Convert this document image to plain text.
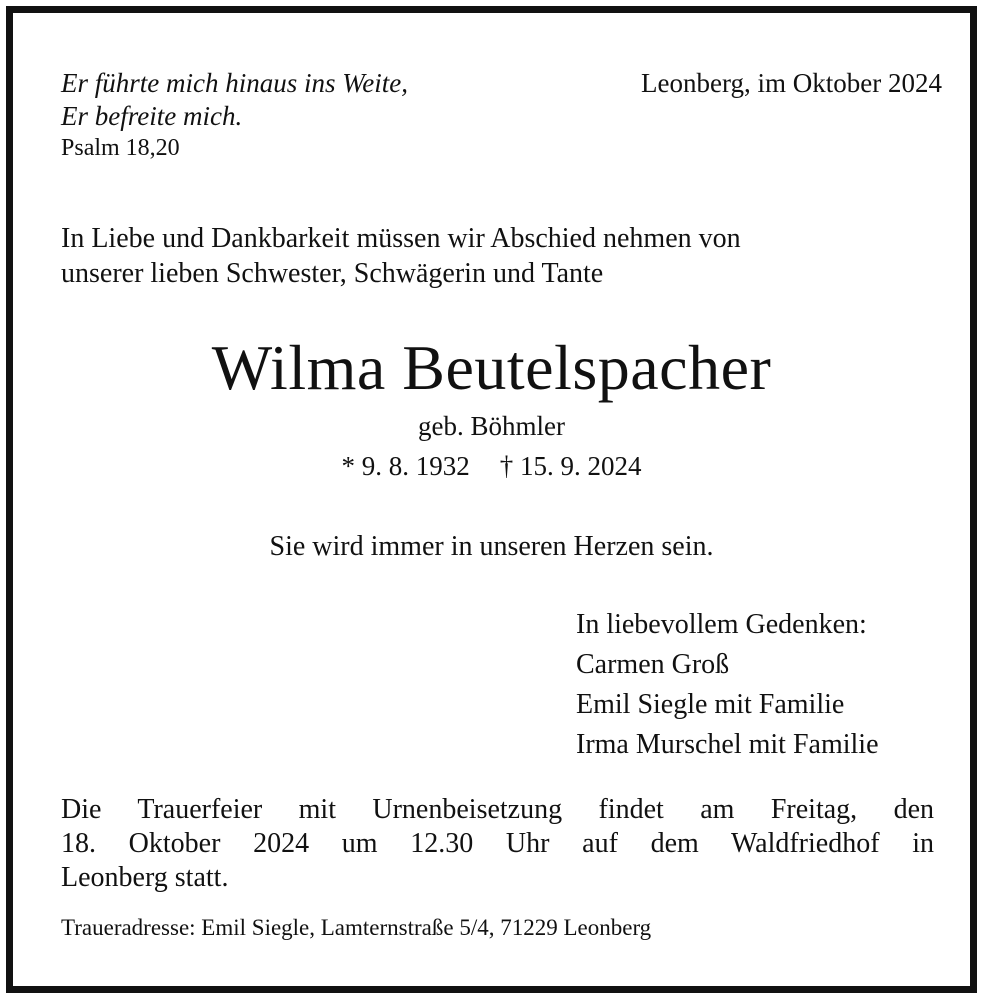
Er führte mich hinaus ins Weite,
Er befreite mich.
Psalm 18,20
Leonberg, im Oktober 2024
In Liebe und Dankbarkeit müssen wir Abschied nehmen von
unserer lieben Schwester, Schwägerin und Tante
Wilma Beutelspacher
geb. Böhmler
* 9. 8. 1932 † 15. 9. 2024
Sie wird immer in unseren Herzen sein.
In liebevollem Gedenken:
Carmen Groß
Emil Siegle mit Familie
Irma Murschel mit Familie
Die Trauerfeier mit Urnenbeisetzung findet am Freitag, den
18. Oktober 2024 um 12.30 Uhr auf dem Waldfriedhof in
Leonberg statt.
Traueradresse: Emil Siegle, Lamternstraße 5/4, 71229 Leonberg
